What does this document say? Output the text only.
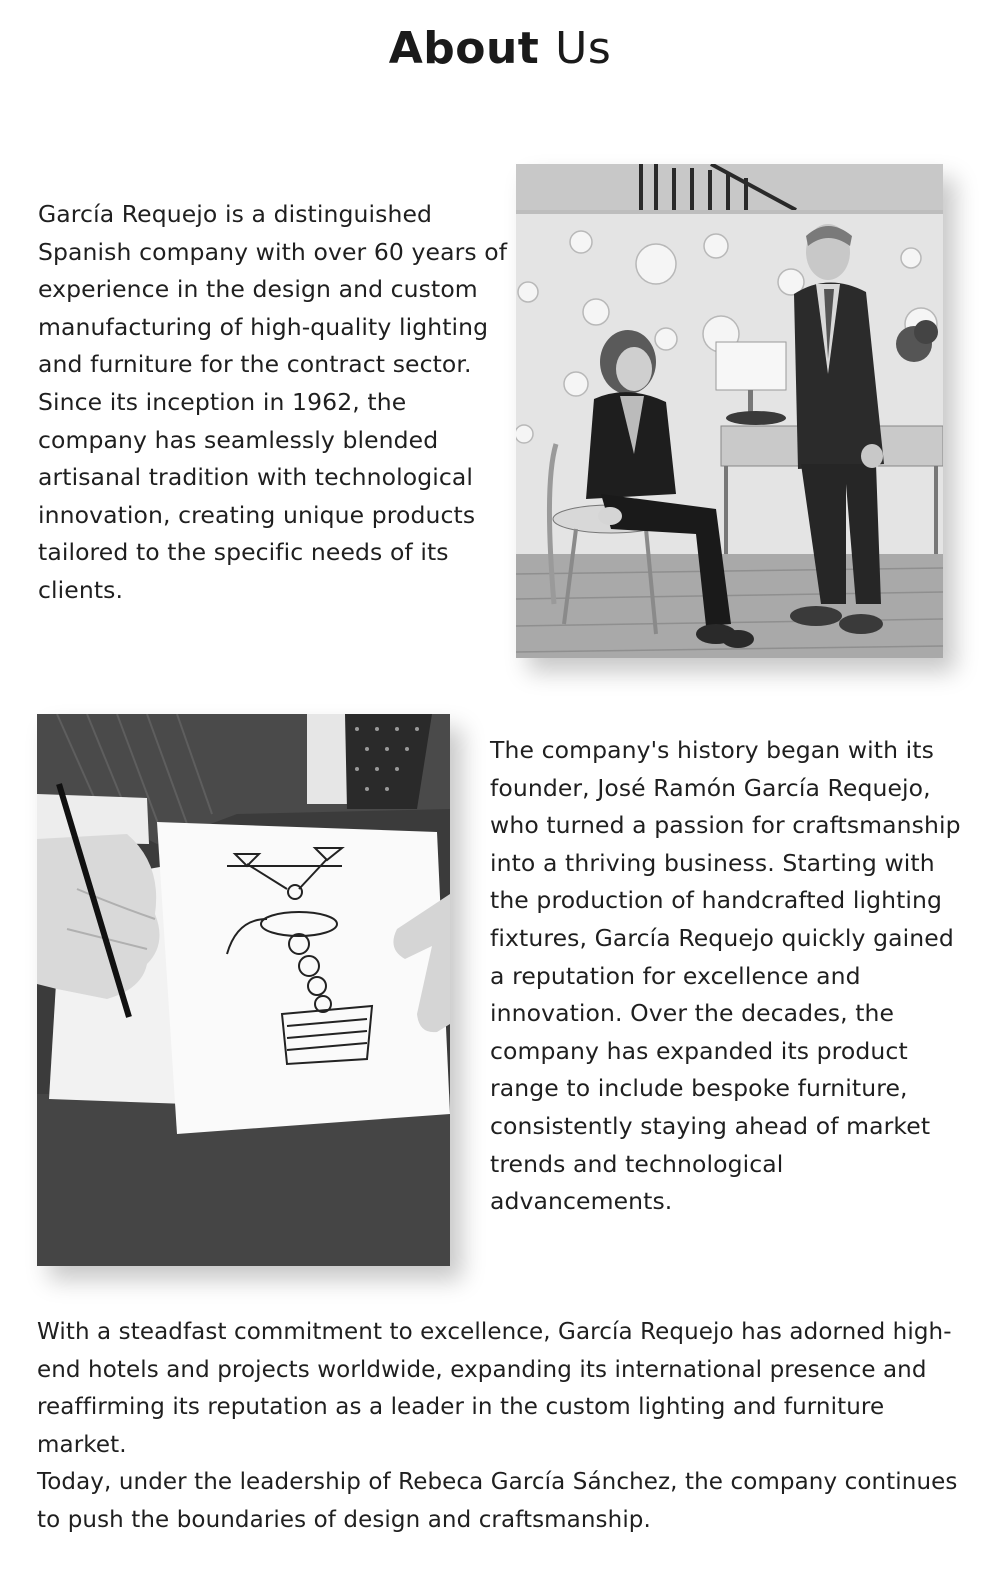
About Us

García Requejo is a distinguished Spanish company with over 60 years of experience in the design and custom manufacturing of high-quality lighting and furniture for the contract sector. Since its inception in 1962, the company has seamlessly blended artisanal tradition with technological innovation, creating unique products tailored to the specific needs of its clients.

The company's history began with its founder, José Ramón García Requejo, who turned a passion for craftsmanship into a thriving business. Starting with the production of handcrafted lighting fixtures, García Requejo quickly gained a reputation for excellence and innovation. Over the decades, the company has expanded its product range to include bespoke furniture, consistently staying ahead of market trends and technological advancements.

With a steadfast commitment to excellence, García Requejo has adorned high-end hotels and projects worldwide, expanding its international presence and reaffirming its reputation as a leader in the custom lighting and furniture market.

Today, under the leadership of Rebeca García Sánchez, the company continues to push the boundaries of design and craftsmanship.
